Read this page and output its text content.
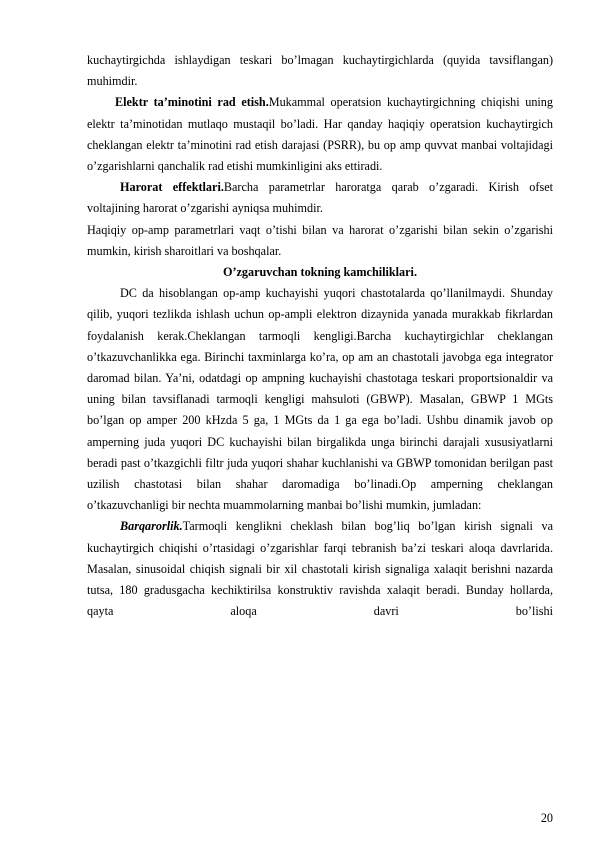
kuchaytirgichda ishlaydigan teskari bo’lmagan kuchaytirgichlarda (quyida tavsiflangan) muhimdir.

Elektr ta’minotini rad etish.Mukammal operatsion kuchaytirgichning chiqishi uning elektr ta’minotidan mutlaqo mustaqil bo’ladi. Har qanday haqiqiy operatsion kuchaytirgich cheklangan elektr ta’minotini rad etish darajasi (PSRR), bu op amp quvvat manbai voltajidagi o’zgarishlarni qanchalik rad etishi mumkinligini aks ettiradi.

Harorat effektlari.Barcha parametrlar haroratga qarab o’zgaradi. Kirish ofset voltajining harorat o’zgarishi ayniqsa muhimdir.

Haqiqiy op-amp parametrlari vaqt o’tishi bilan va harorat o’zgarishi bilan sekin o’zgarishi mumkin, kirish sharoitlari va boshqalar.

O’zgaruvchan tokning kamchiliklari.

DC da hisoblangan op-amp kuchayishi yuqori chastotalarda qo’llanilmaydi. Shunday qilib, yuqori tezlikda ishlash uchun op-ampli elektron dizaynida yanada murakkab fikrlardan foydalanish kerak.Cheklangan tarmoqli kengligi.Barcha kuchaytirgichlar cheklangan o’tkazuvchanlikka ega. Birinchi taxminlarga ko’ra, op am an chastotali javobga ega integrator daromad bilan. Ya’ni, odatdagi op ampning kuchayishi chastotaga teskari proportsionaldir va uning bilan tavsiflanadi tarmoqli kengligi mahsuloti (GBWP). Masalan, GBWP 1 MGts bo’lgan op amper 200 kHzda 5 ga, 1 MGts da 1 ga ega bo’ladi. Ushbu dinamik javob op amperning juda yuqori DC kuchayishi bilan birgalikda unga birinchi darajali xususiyatlarni beradi past o’tkazgichli filtr juda yuqori shahar kuchlanishi va GBWP tomonidan berilgan past uzilish chastotasi bilan shahar daromadiga bo’linadi.Op amperning cheklangan o’tkazuvchanligi bir nechta muammolarning manbai bo’lishi mumkin, jumladan:

Barqarorlik.Tarmoqli kenglikni cheklash bilan bog’liq bo’lgan kirish signali va kuchaytirgich chiqishi o’rtasidagi o’zgarishlar farqi tebranish ba’zi teskari aloqa davrlarida. Masalan, sinusoidal chiqish signali bir xil chastotali kirish signaliga xalaqit berishni nazarda tutsa, 180 gradusgacha kechiktirilsa konstruktiv ravishda xalaqit beradi. Bunday hollarda, qayta aloqa davri bo’lishi

20
